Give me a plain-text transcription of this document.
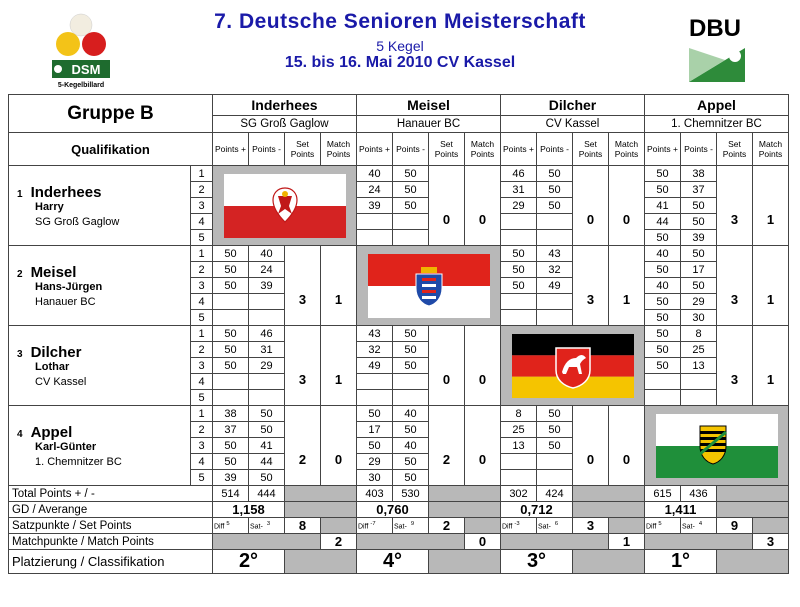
DSM
5-Kegelbillard
7. Deutsche Senioren Meisterschaft
5 Kegel
15. bis 16. Mai 2010 CV Kassel
DBU
Gruppe B		Inderhees				Meisel				Dilcher				Appel			
		SG Groß Gaglow				Hanauer BC				CV Kassel				1. Chemnitzer BC			
Qualifikation		Points +	Points -	Set Points	Match Points	Points +	Points -	Set Points	Match Points	Points +	Points -	Set Points	Match Points	Points +	Points -	Set Points	Match Points

1 Inderhees
Harry
SG Groß Gaglow	1					40	50	0	0	46	50	0	0	50	38	3	1
	2					24	50			31	50			50	37		
	3					39	50			29	50			41	50		
	4													44	50		
	5													50	39		

2 Meisel
Hans-Jürgen
Hanauer BC	1	50	40	3	1					50	43	3	1	40	50	3	1
	2	50	24							50	32			50	17		
	3	50	39							50	49			40	50		
	4													50	29		
	5													50	30		

3 Dilcher
Lothar
CV Kassel	1	50	46	3	1	43	50	0	0					50	8	3	1
	2	50	31			32	50							50	25		
	3	50	29			49	50							50	13		
	4																
	5																

4 Appel
Karl-Günter
1. Chemnitzer BC	1	38	50	2	0	50	40	2	0	8	50	0	0	

	2	37	50			17	50			25	50						
	3	50	41			50	40			13	50						
	4	50	44			29	50										
	5	39	50			30	50										
Total Points + / -		514	444			403	530			302	424			615	436		
GD / Averange		1,158				0,760				0,712				1,411			
Satzpunkte / Set Points		Diff $^5$	Sat- $^3$	8		Diff $^{-7}$	Sat- $^9$	2		Diff $^{-3}$	Sat- $^6$	3		Diff $^5$	Sat- $^4$	9	
Matchpunkte / Match Points					2				0				1				3
Platzierung / Classifikation		2°				4°				3°				1°			
